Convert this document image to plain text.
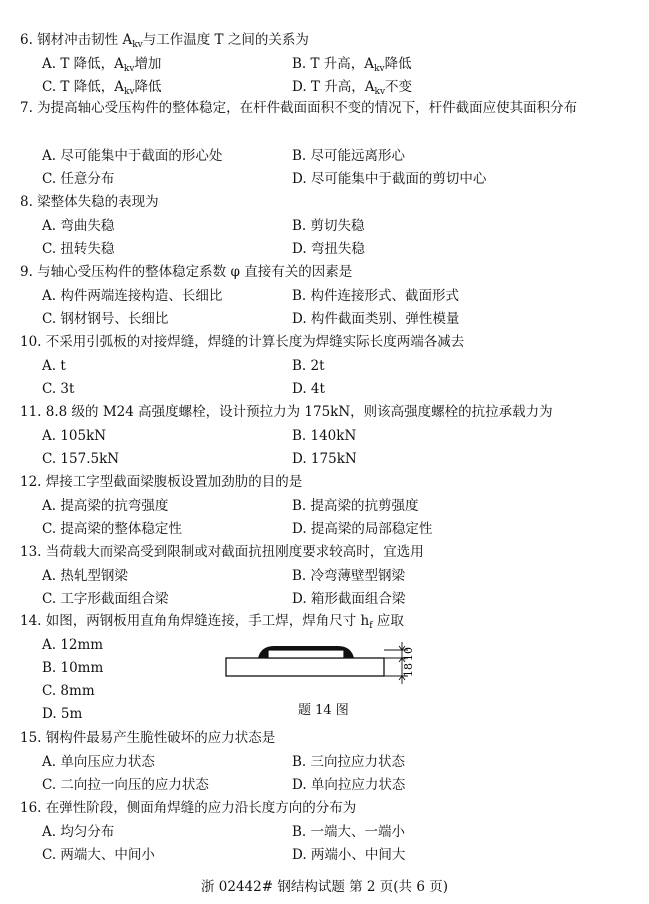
6. 钢材冲击韧性 $A_{kv}$与工作温度 T 之间的关系为
A. T 降低，$A_{kv}$增加	B. T 升高，$A_{kv}$降低
C. T 降低，$A_{kv}$降低	D. T 升高，$A_{kv}$不变
7. 为提高轴心受压构件的整体稳定，在杆件截面面积不变的情况下，杆件截面应使其面积分布
A. 尽可能集中于截面的形心处	B. 尽可能远离形心
C. 任意分布	D. 尽可能集中于截面的剪切中心
8. 梁整体失稳的表现为
A. 弯曲失稳	B. 剪切失稳
C. 扭转失稳	D. 弯扭失稳
9. 与轴心受压构件的整体稳定系数 φ 直接有关的因素是
A. 构件两端连接构造、长细比	B. 构件连接形式、截面形式
C. 钢材钢号、长细比	D. 构件截面类别、弹性模量
10. 不采用引弧板的对接焊缝，焊缝的计算长度为焊缝实际长度两端各减去
A. t	B. 2t
C. 3t	D. 4t
11. 8.8 级的 M24 高强度螺栓，设计预拉力为 175kN，则该高强度螺栓的抗拉承载力为
A. 105kN	B. 140kN
C. 157.5kN	D. 175kN
12. 焊接工字型截面梁腹板设置加劲肋的目的是
A. 提高梁的抗弯强度	B. 提高梁的抗剪强度
C. 提高梁的整体稳定性	D. 提高梁的局部稳定性
13. 当荷载大而梁高受到限制或对截面抗扭刚度要求较高时，宜选用
A. 热轧型钢梁	B. 冷弯薄壁型钢梁
C. 工字形截面组合梁	D. 箱形截面组合梁
14. 如图，两钢板用直角角焊缝连接，手工焊，焊角尺寸 $h_f$ 应取
A. 12mm
B. 10mm
C. 8mm
D. 5m
10
18
题 14 图
15. 钢构件最易产生脆性破坏的应力状态是
A. 单向压应力状态	B. 三向拉应力状态
C. 二向拉一向压的应力状态	D. 单向拉应力状态
16. 在弹性阶段，侧面角焊缝的应力沿长度方向的分布为
A. 均匀分布	B. 一端大、一端小
C. 两端大、中间小	D. 两端小、中间大
浙 02442# 钢结构试题 第 2 页(共 6 页)
